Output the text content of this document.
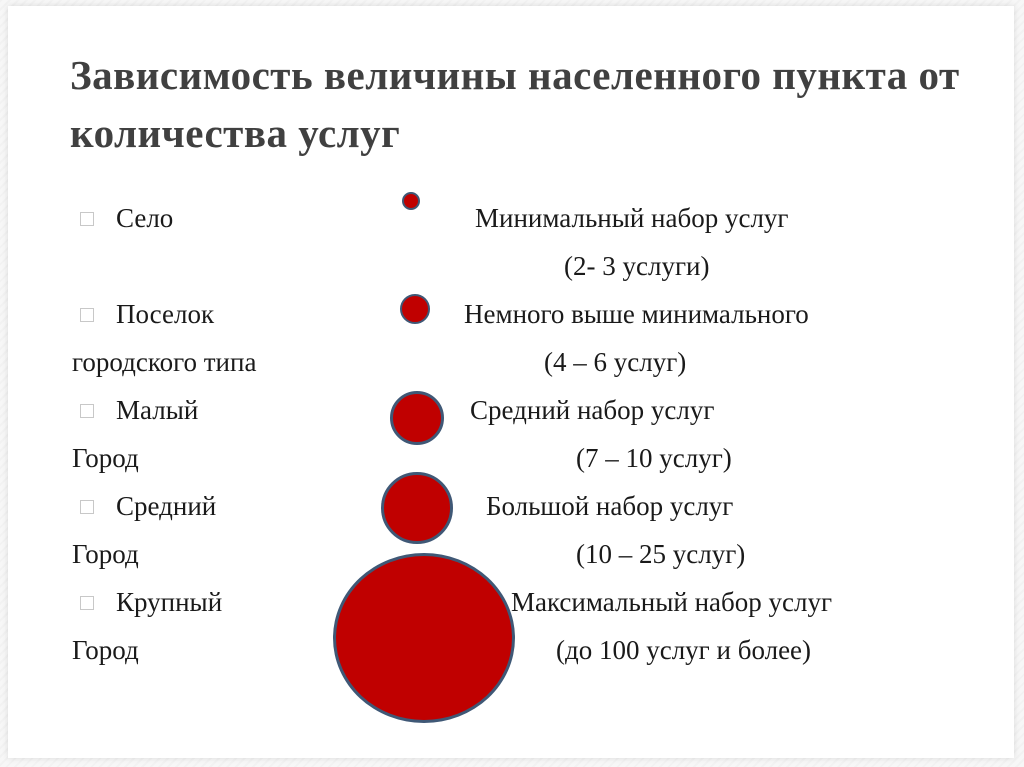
Зависимость величины населенного пункта от количества услуг
Село	Минимальный набор услуг
(2- 3 услуги)
Поселок
городского типа
Немного выше минимального
(4 – 6 услуг)
Малый
Город
Средний набор услуг
(7 – 10 услуг)
Средний
Город
Большой набор услуг
(10 – 25 услуг)
Крупный
Город
Максимальный набор услуг
(до 100 услуг и более)
